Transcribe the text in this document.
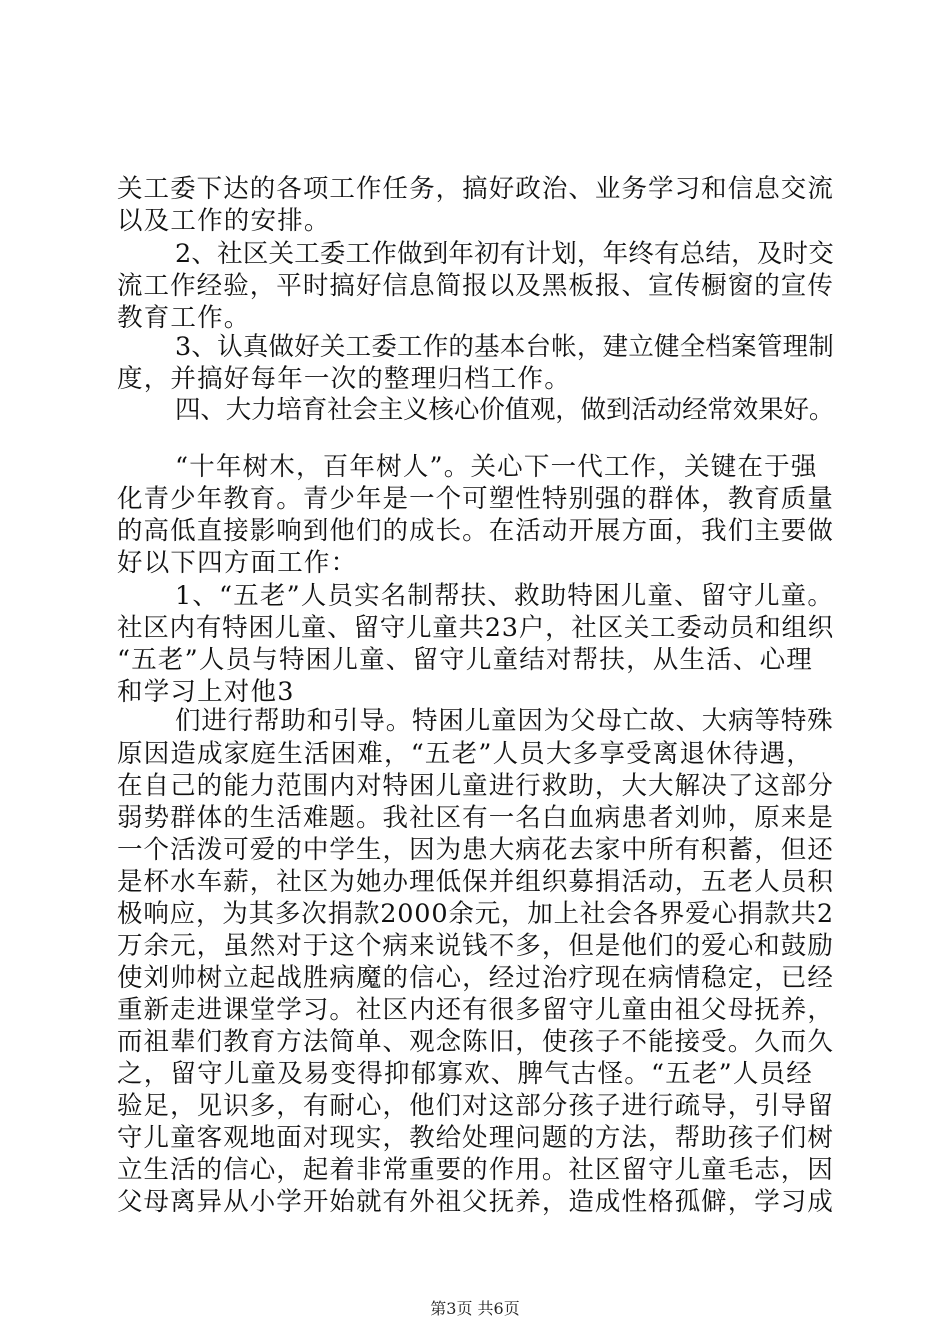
关工委下达的各项工作任务，搞好政治、业务学习和信息交流
以及工作的安排。
2、社区关工委工作做到年初有计划，年终有总结，及时交
流工作经验，平时搞好信息简报以及黑板报、宣传橱窗的宣传
教育工作。
3、认真做好关工委工作的基本台帐，建立健全档案管理制
度，并搞好每年一次的整理归档工作。
四、大力培育社会主义核心价值观，做到活动经常效果好。
“十年树木，百年树人”。关心下一代工作，关键在于强
化青少年教育。青少年是一个可塑性特别强的群体，教育质量
的高低直接影响到他们的成长。在活动开展方面，我们主要做
好以下四方面工作：
1、“五老”人员实名制帮扶、救助特困儿童、留守儿童。
社区内有特困儿童、留守儿童共23户，社区关工委动员和组织
“五老”人员与特困儿童、留守儿童结对帮扶，从生活、心理
和学习上对他3
们进行帮助和引导。特困儿童因为父母亡故、大病等特殊
原因造成家庭生活困难，“五老”人员大多享受离退休待遇，
在自己的能力范围内对特困儿童进行救助，大大解决了这部分
弱势群体的生活难题。我社区有一名白血病患者刘帅，原来是
一个活泼可爱的中学生，因为患大病花去家中所有积蓄，但还
是杯水车薪，社区为她办理低保并组织募捐活动，五老人员积
极响应，为其多次捐款2000余元，加上社会各界爱心捐款共2
万余元，虽然对于这个病来说钱不多，但是他们的爱心和鼓励
使刘帅树立起战胜病魔的信心，经过治疗现在病情稳定，已经
重新走进课堂学习。社区内还有很多留守儿童由祖父母抚养，
而祖辈们教育方法简单、观念陈旧，使孩子不能接受。久而久
之，留守儿童及易变得抑郁寡欢、脾气古怪。“五老”人员经
验足，见识多，有耐心，他们对这部分孩子进行疏导，引导留
守儿童客观地面对现实，教给处理问题的方法，帮助孩子们树
立生活的信心，起着非常重要的作用。社区留守儿童毛志，因
父母离异从小学开始就有外祖父抚养，造成性格孤僻，学习成
第3页 共6页
